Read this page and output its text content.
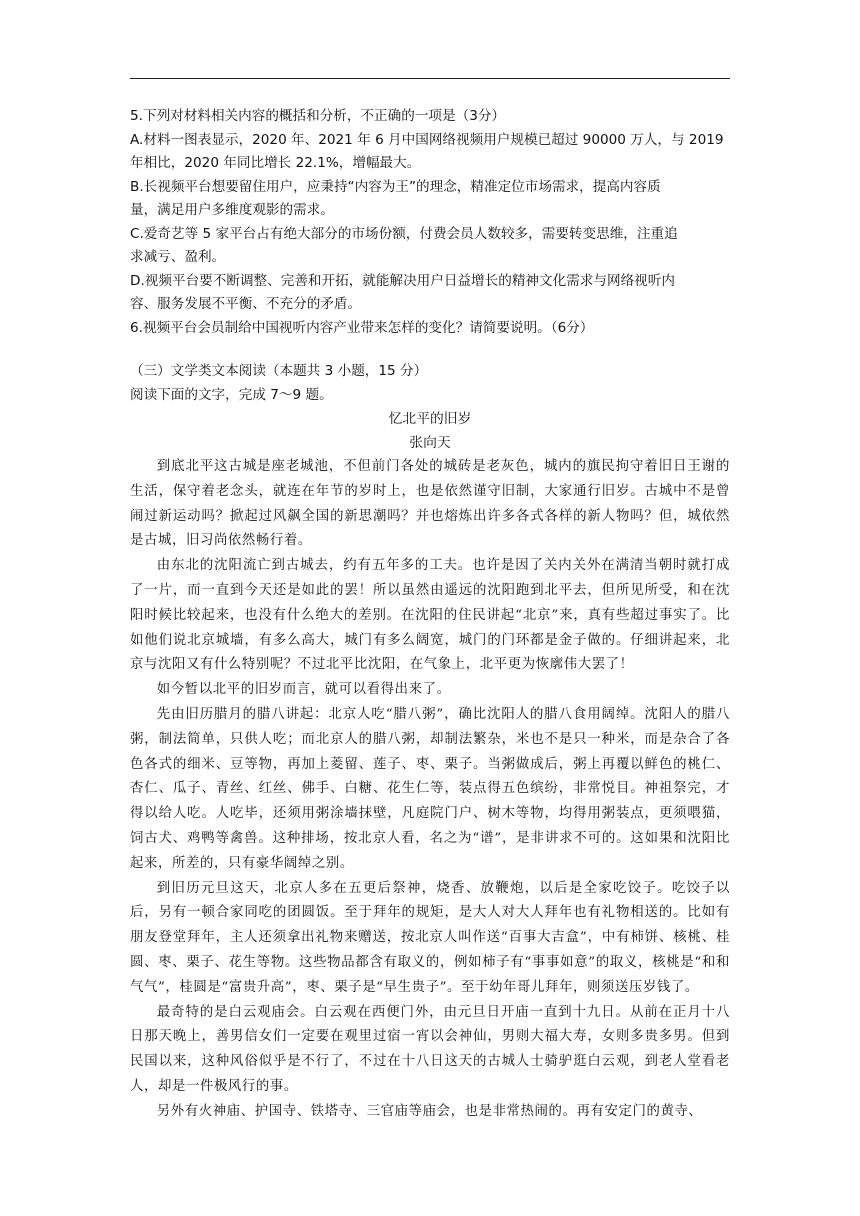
5.下列对材料相关内容的概括和分析，不正确的一项是（3分）

A.材料一图表显示，2020 年、2021 年 6 月中国网络视频用户规模已超过 90000 万人，与 2019

年相比，2020 年同比增长 22.1%，增幅最大。

B.长视频平台想要留住用户，应秉持“内容为王”的理念，精准定位市场需求，提高内容质

量，满足用户多维度观影的需求。

C.爱奇艺等 5 家平台占有绝大部分的市场份额，付费会员人数较多，需要转变思维，注重追

求减亏、盈利。

D.视频平台要不断调整、完善和开拓，就能解决用户日益增长的精神文化需求与网络视听内

容、服务发展不平衡、不充分的矛盾。

6.视频平台会员制给中国视听内容产业带来怎样的变化？请简要说明。（6分）

（三）文学类文本阅读（本题共 3 小题，15 分）

阅读下面的文字，完成 7～9 题。

忆北平的旧岁

张向天

到底北平这古城是座老城池，不但前门各处的城砖是老灰色，城内的旗民拘守着旧日王谢的生活，保守着老念头，就连在年节的岁时上，也是依然谨守旧制，大家通行旧岁。古城中不是曾闹过新运动吗？掀起过风飙全国的新思潮吗？并也熔炼出许多各式各样的新人物吗？但，城依然是古城，旧习尚依然畅行着。

由东北的沈阳流亡到古城去，约有五年多的工夫。也许是因了关内关外在满清当朝时就打成了一片，而一直到今天还是如此的罢！所以虽然由遥远的沈阳跑到北平去，但所见所受，和在沈阳时候比较起来，也没有什么绝大的差别。在沈阳的住民讲起“北京”来，真有些超过事实了。比如他们说北京城墙，有多么高大，城门有多么阔宽，城门的门环都是金子做的。仔细讲起来，北京与沈阳又有什么特别呢？不过北平比沈阳，在气象上，北平更为恢廓伟大罢了！

如今暂以北平的旧岁而言，就可以看得出来了。

先由旧历腊月的腊八讲起：北京人吃“腊八粥”，确比沈阳人的腊八食用阔绰。沈阳人的腊八粥，制法简单，只供人吃；而北京人的腊八粥，却制法繁杂，米也不是只一种米，而是杂合了各色各式的细米、豆等物，再加上菱留、莲子、枣、栗子。当粥做成后，粥上再覆以鲜色的桃仁、杏仁、瓜子、青丝、红丝、佛手、白糖、花生仁等，装点得五色缤纷，非常悦目。神祖祭完，才得以给人吃。人吃毕，还须用粥涂墙抹壁，凡庭院门户、树木等物，均得用粥装点，更须喂猫，饲古犬、鸡鸭等禽兽。这种排场，按北京人看，名之为“谱”，是非讲求不可的。这如果和沈阳比起来，所差的，只有豪华阔绰之别。

到旧历元旦这天，北京人多在五更后祭神，烧香、放鞭炮，以后是全家吃饺子。吃饺子以后，另有一顿合家同吃的团圆饭。至于拜年的规矩，是大人对大人拜年也有礼物相送的。比如有朋友登堂拜年，主人还须拿出礼物来赠送，按北京人叫作送“百事大吉盒”，中有柿饼、核桃、桂圆、枣、栗子、花生等物。这些物品都含有取义的，例如柿子有“事事如意”的取义，核桃是“和和气气”，桂圆是“富贵升高”，枣、栗子是“早生贵子”。至于幼年哥儿拜年，则须送压岁钱了。

最奇特的是白云观庙会。白云观在西便门外，由元旦日开庙一直到十九日。从前在正月十八日那天晚上，善男信女们一定要在观里过宿一宵以会神仙，男则大福大寿，女则多贵多男。但到民国以来，这种风俗似乎是不行了，不过在十八日这天的古城人士骑驴逛白云观，到老人堂看老人，却是一件极风行的事。

另外有火神庙、护国寺、铁塔寺、三官庙等庙会，也是非常热闹的。再有安定门的黄寺、
